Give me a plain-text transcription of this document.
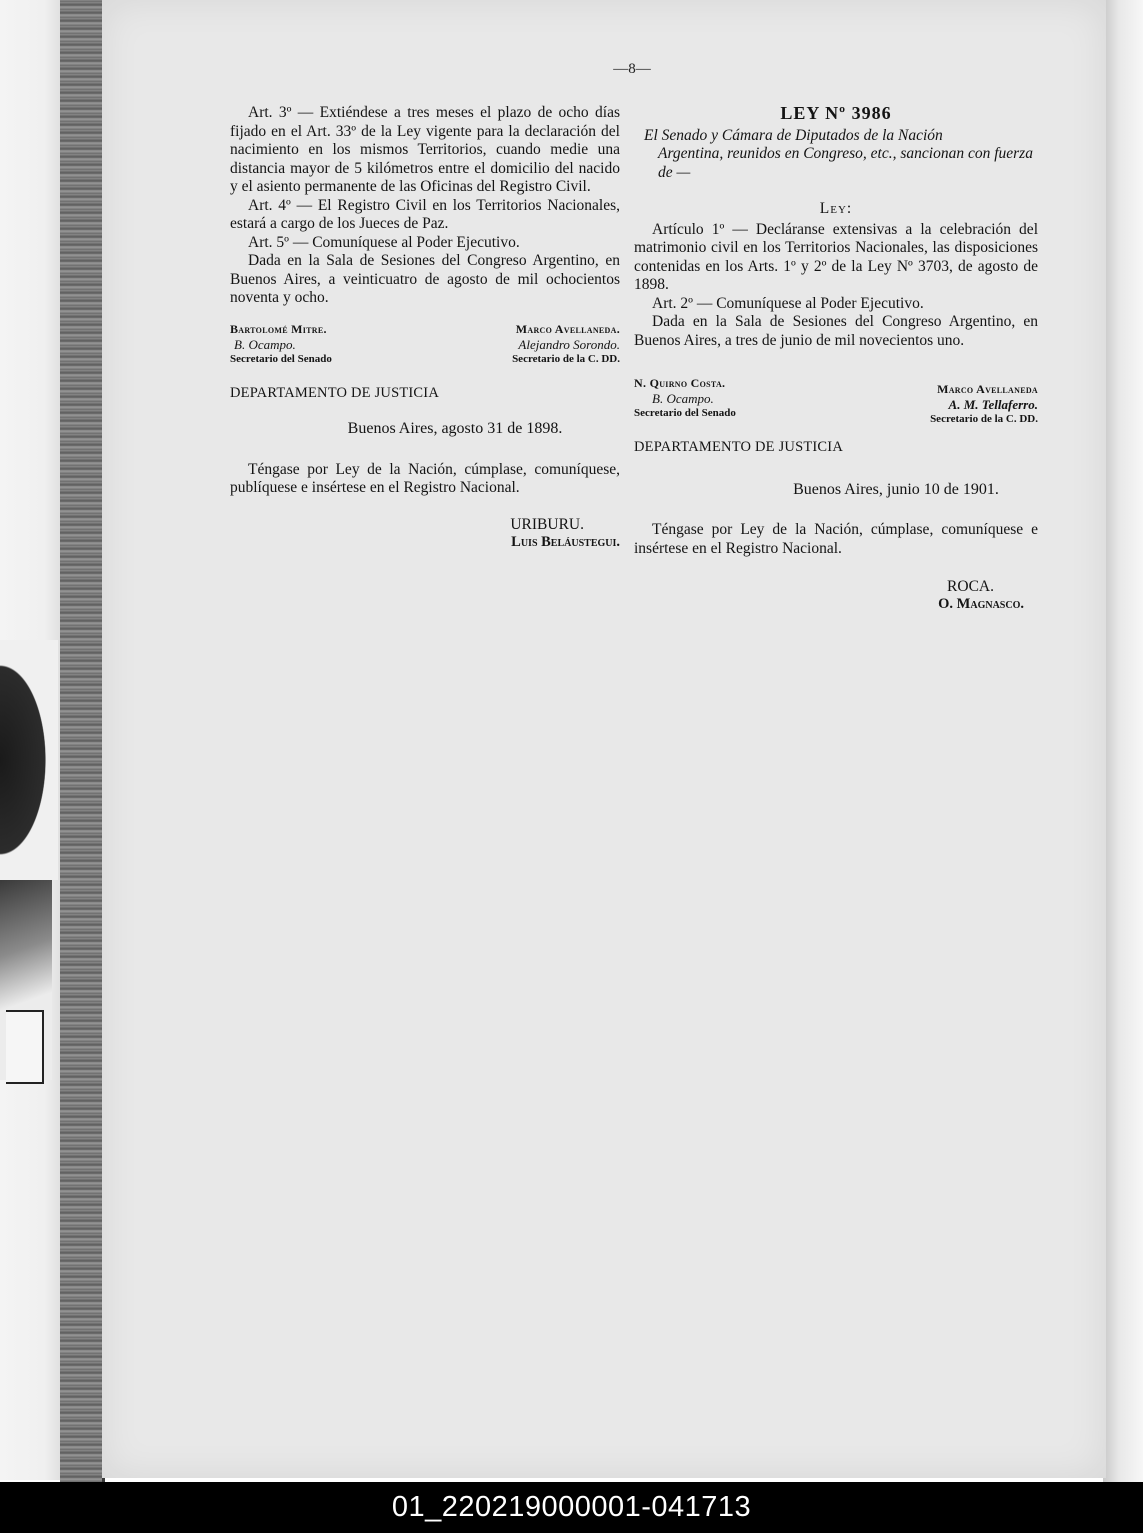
—8—

Art. 3º — Extiéndese a tres meses el plazo de ocho días fijado en el Art. 33º de la Ley vigente para la declaración del nacimiento en los mismos Territorios, cuando medie una distancia mayor de 5 kilómetros entre el domicilio del nacido y el asiento permanente de las Oficinas del Registro Civil.

Art. 4º — El Registro Civil en los Territorios Nacionales, estará a cargo de los Jueces de Paz.

Art. 5º — Comuníquese al Poder Ejecutivo.

Dada en la Sala de Sesiones del Congreso Argentino, en Buenos Aires, a veinticuatro de agosto de mil ochocientos noventa y ocho.

Bartolomé Mitre.
B. Ocampo.
Secretario del Senado
Marco Avellaneda.
Alejandro Sorondo.
Secretario de la C. DD.
DEPARTAMENTO DE JUSTICIA
Buenos Aires, agosto 31 de 1898.

Téngase por Ley de la Nación, cúmplase, comuníquese, publíquese e insértese en el Registro Nacional.

URIBURU.
Luis Beláustegui.
LEY Nº 3986

El Senado y Cámara de Diputados de la Nación

Argentina, reunidos en Congreso, etc., sancionan con fuerza de —

Ley:

Artículo 1º — Decláranse extensivas a la celebración del matrimonio civil en los Territorios Nacionales, las disposiciones contenidas en los Arts. 1º y 2º de la Ley Nº 3703, de agosto de 1898.

Art. 2º — Comuníquese al Poder Ejecutivo.

Dada en la Sala de Sesiones del Congreso Argentino, en Buenos Aires, a tres de junio de mil novecientos uno.

N. Quirno Costa.
B. Ocampo.
Secretario del Senado
Marco Avellaneda
A. M. Tellaferro.
Secretario de la C. DD.
DEPARTAMENTO DE JUSTICIA
Buenos Aires, junio 10 de 1901.

Téngase por Ley de la Nación, cúmplase, comuníquese e insértese en el Registro Nacional.

ROCA.
O. Magnasco.
01_220219000001-041713
